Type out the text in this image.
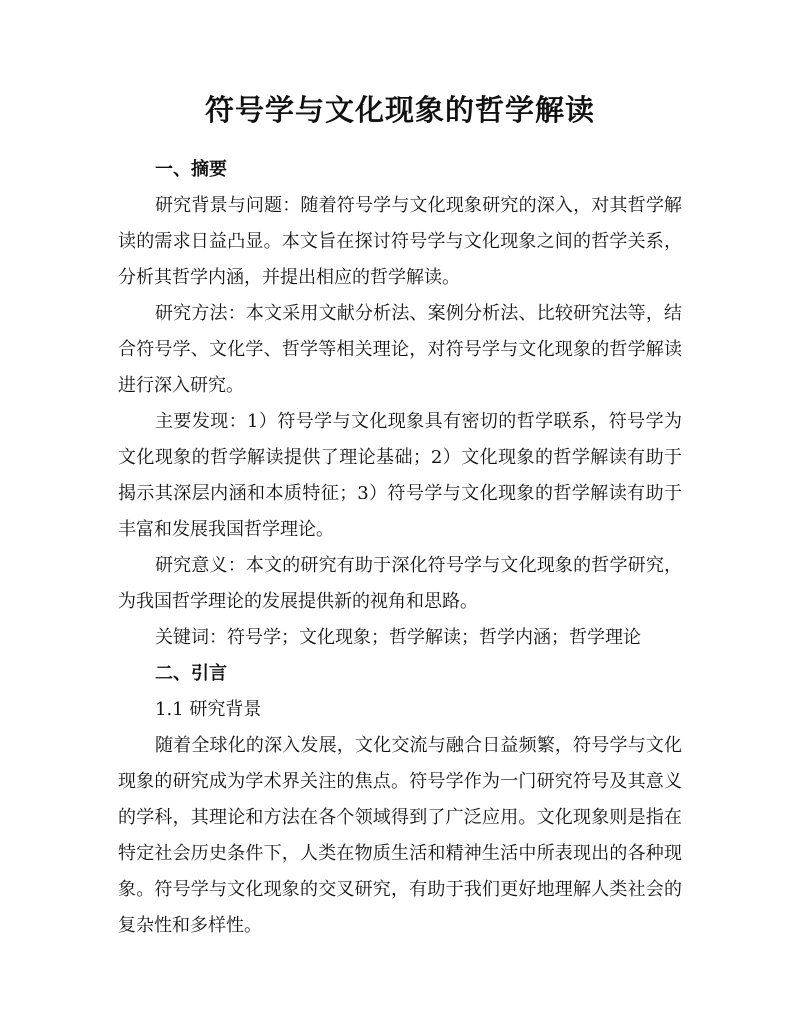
符号学与文化现象的哲学解读
一、摘要

研究背景与问题：随着符号学与文化现象研究的深入，对其哲学解读的需求日益凸显。本文旨在探讨符号学与文化现象之间的哲学关系，分析其哲学内涵，并提出相应的哲学解读。

研究方法：本文采用文献分析法、案例分析法、比较研究法等，结合符号学、文化学、哲学等相关理论，对符号学与文化现象的哲学解读进行深入研究。

主要发现：1）符号学与文化现象具有密切的哲学联系，符号学为文化现象的哲学解读提供了理论基础；2）文化现象的哲学解读有助于揭示其深层内涵和本质特征；3）符号学与文化现象的哲学解读有助于丰富和发展我国哲学理论。

研究意义：本文的研究有助于深化符号学与文化现象的哲学研究，为我国哲学理论的发展提供新的视角和思路。

关键词：符号学；文化现象；哲学解读；哲学内涵；哲学理论

二、引言
1.1 研究背景

随着全球化的深入发展，文化交流与融合日益频繁，符号学与文化现象的研究成为学术界关注的焦点。符号学作为一门研究符号及其意义的学科，其理论和方法在各个领域得到了广泛应用。文化现象则是指在特定社会历史条件下，人类在物质生活和精神生活中所表现出的各种现象。符号学与文化现象的交叉研究，有助于我们更好地理解人类社会的复杂性和多样性。
